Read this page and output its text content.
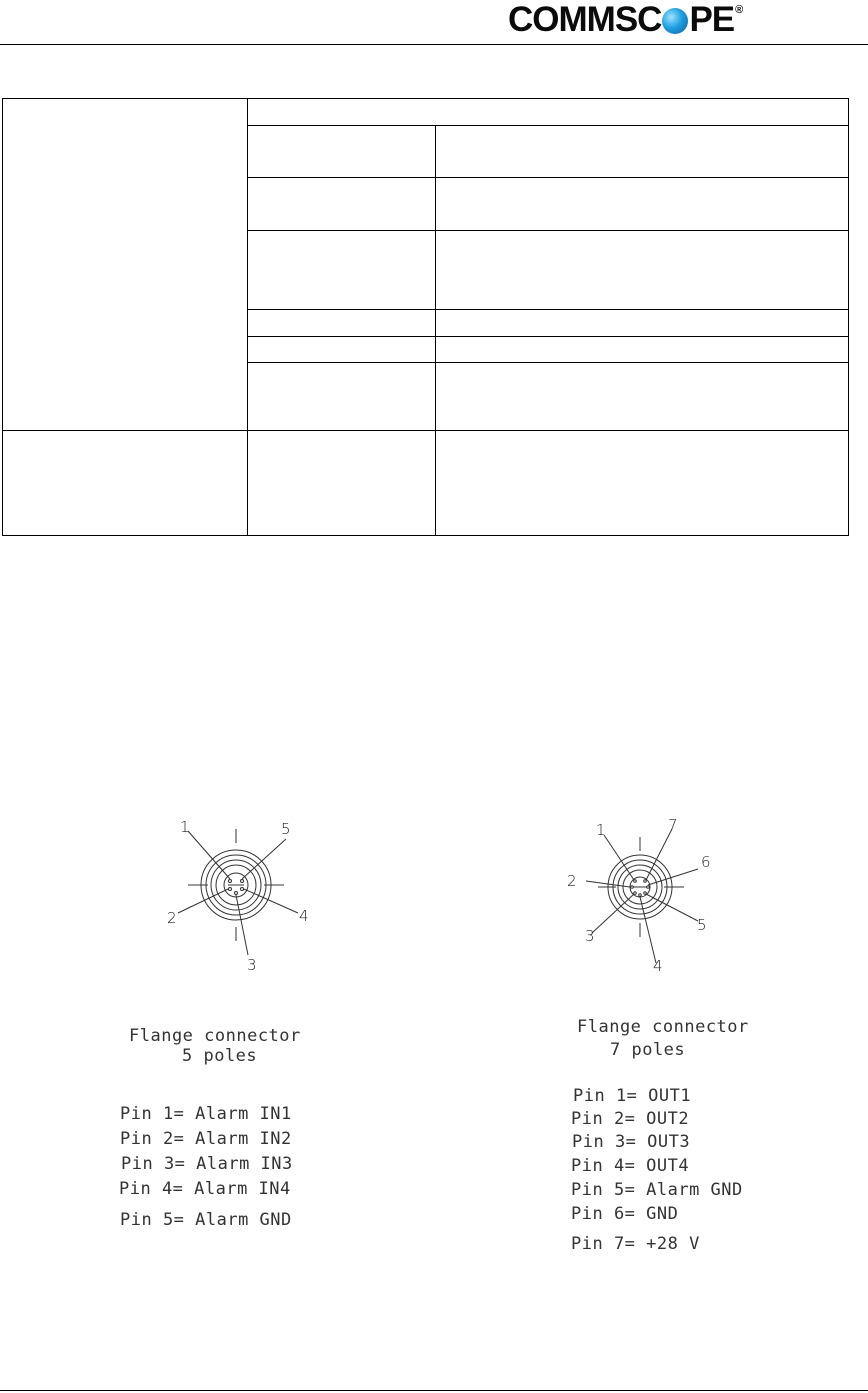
COMM SC PE ®
1	5
2	4
3
Flange connector
5 poles
Pin 1= Alarm IN1
Pin 2= Alarm IN2
Pin 3= Alarm IN3
Pin 4= Alarm IN4
Pin 5= Alarm GND
1	7
6
2
3
5
4
Flange connector
7 poles
Pin 1= OUT1
Pin 2= OUT2
Pin 3= OUT3
Pin 4= OUT4
Pin 5= Alarm GND
Pin 6= GND
Pin 7= +28 V
